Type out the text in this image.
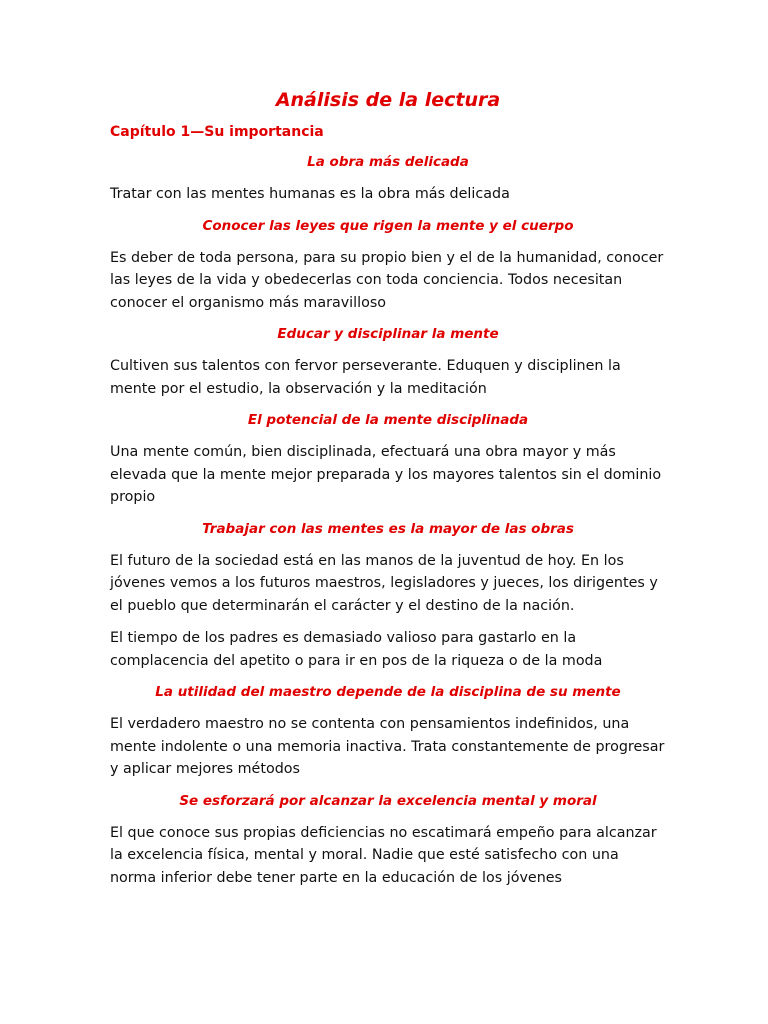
Análisis de la lectura
Capítulo 1—Su importancia
La obra más delicada

Tratar con las mentes humanas es la obra más delicada

Conocer las leyes que rigen la mente y el cuerpo

Es deber de toda persona, para su propio bien y el de la humanidad, conocer las leyes de la vida y obedecerlas con toda conciencia. Todos necesitan conocer el organismo más maravilloso

Educar y disciplinar la mente

Cultiven sus talentos con fervor perseverante. Eduquen y disciplinen la mente por el estudio, la observación y la meditación

El potencial de la mente disciplinada

Una mente común, bien disciplinada, efectuará una obra mayor y más elevada que la mente mejor preparada y los mayores talentos sin el dominio propio

Trabajar con las mentes es la mayor de las obras

El futuro de la sociedad está en las manos de la juventud de hoy. En los jóvenes vemos a los futuros maestros, legisladores y jueces, los dirigentes y el pueblo que determinarán el carácter y el destino de la nación.

El tiempo de los padres es demasiado valioso para gastarlo en la complacencia del apetito o para ir en pos de la riqueza o de la moda

La utilidad del maestro depende de la disciplina de su mente

El verdadero maestro no se contenta con pensamientos indefinidos, una mente indolente o una memoria inactiva. Trata constantemente de progresar y aplicar mejores métodos

Se esforzará por alcanzar la excelencia mental y moral

El que conoce sus propias deficiencias no escatimará empeño para alcanzar la excelencia física, mental y moral. Nadie que esté satisfecho con una norma inferior debe tener parte en la educación de los jóvenes
